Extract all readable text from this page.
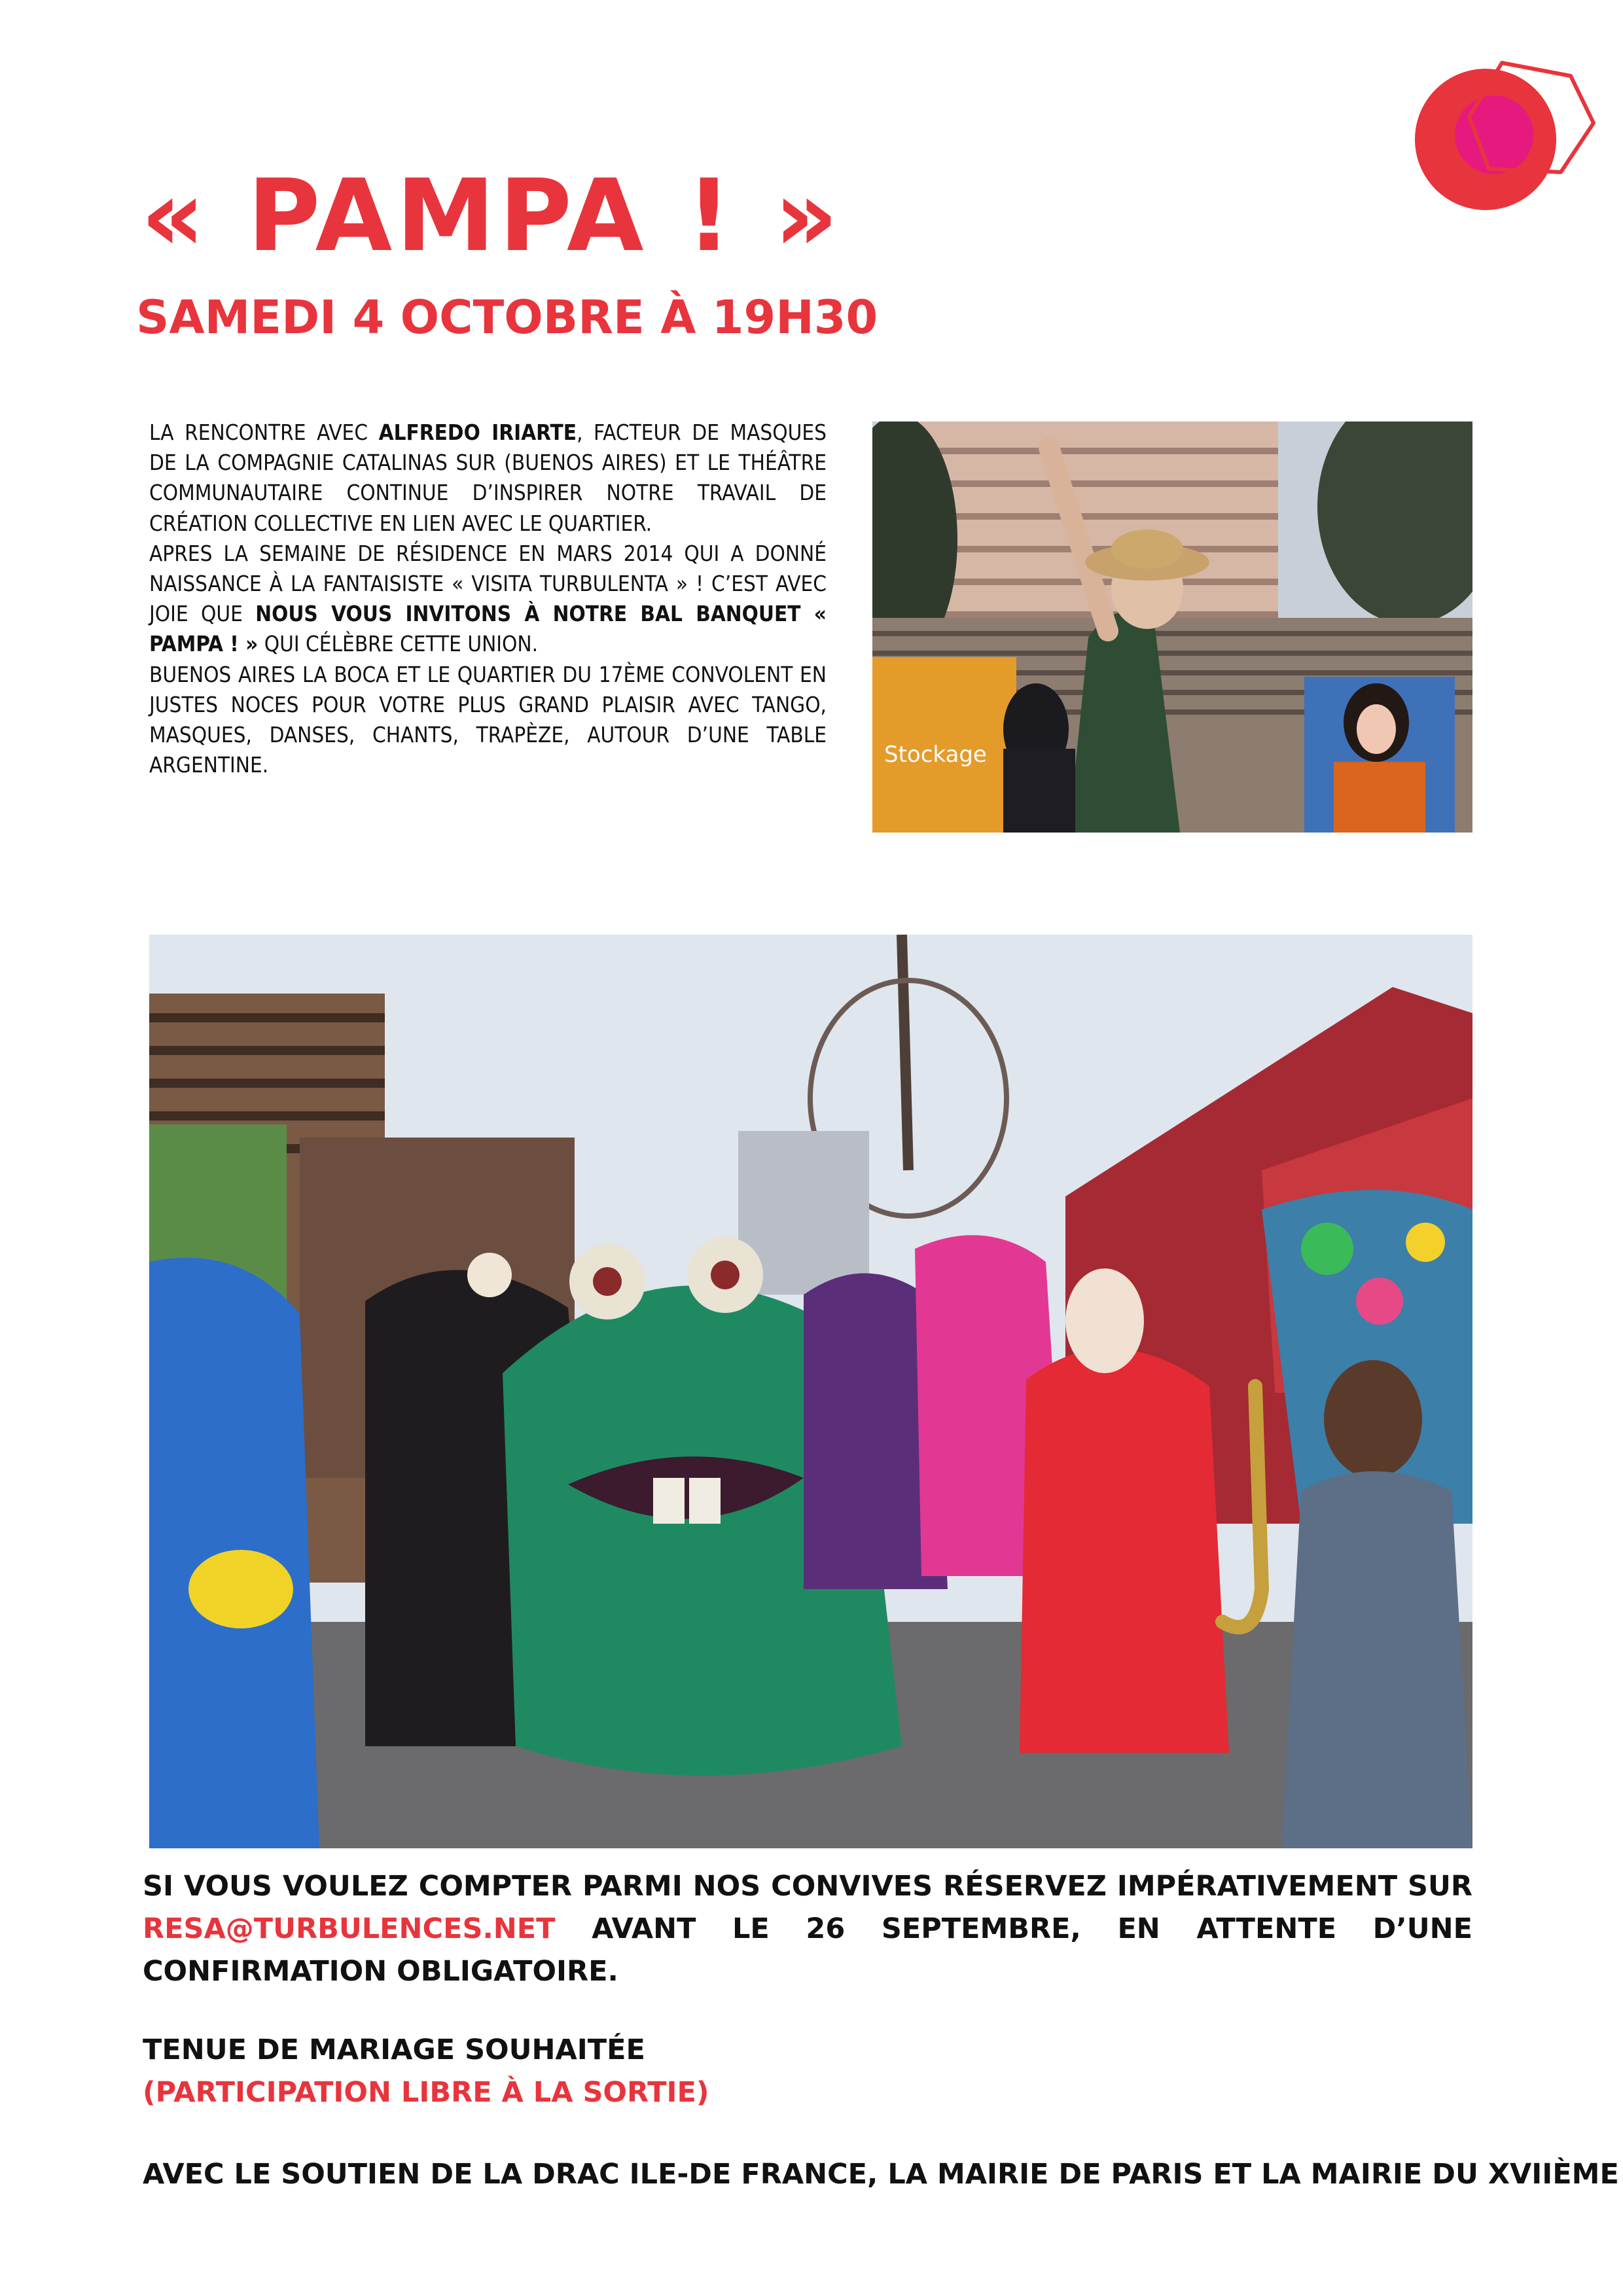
« PAMPA ! »
SAMEDI 4 OCTOBRE À 19H30

LA RENCONTRE AVEC ALFREDO IRIARTE, FACTEUR DE MASQUES DE LA COMPAGNIE CATALINAS SUR (BUENOS AIRES) ET LE THÉÂTRE COMMUNAUTAIRE CONTINUE D’INSPIRER NOTRE TRAVAIL DE CRÉATION COLLECTIVE EN LIEN AVEC LE QUARTIER.

APRES LA SEMAINE DE RÉSIDENCE EN MARS 2014 QUI A DONNÉ NAISSANCE À LA FANTAISISTE « VISITA TURBULENTA » ! C’EST AVEC JOIE QUE NOUS VOUS INVITONS À NOTRE BAL BANQUET « PAMPA ! » QUI CÉLÈBRE CETTE UNION.

BUENOS AIRES LA BOCA ET LE QUARTIER DU 17ÈME CONVOLENT EN JUSTES NOCES POUR VOTRE PLUS GRAND PLAISIR AVEC TANGO, MASQUES, DANSES, CHANTS, TRAPÈZE, AUTOUR D’UNE TABLE ARGENTINE.	Stockage
SI VOUS VOULEZ COMPTER PARMI NOS CONVIVES RÉSERVEZ IMPÉRATIVEMENT SUR RESA@TURBULENCES.NET AVANT LE 26 SEPTEMBRE, EN ATTENTE D’UNE CONFIRMATION OBLIGATOIRE.
TENUE DE MARIAGE SOUHAITÉE
(PARTICIPATION LIBRE À LA SORTIE)
AVEC LE SOUTIEN DE LA DRAC ILE-DE FRANCE, LA MAIRIE DE PARIS ET LA MAIRIE DU XVIIÈME
